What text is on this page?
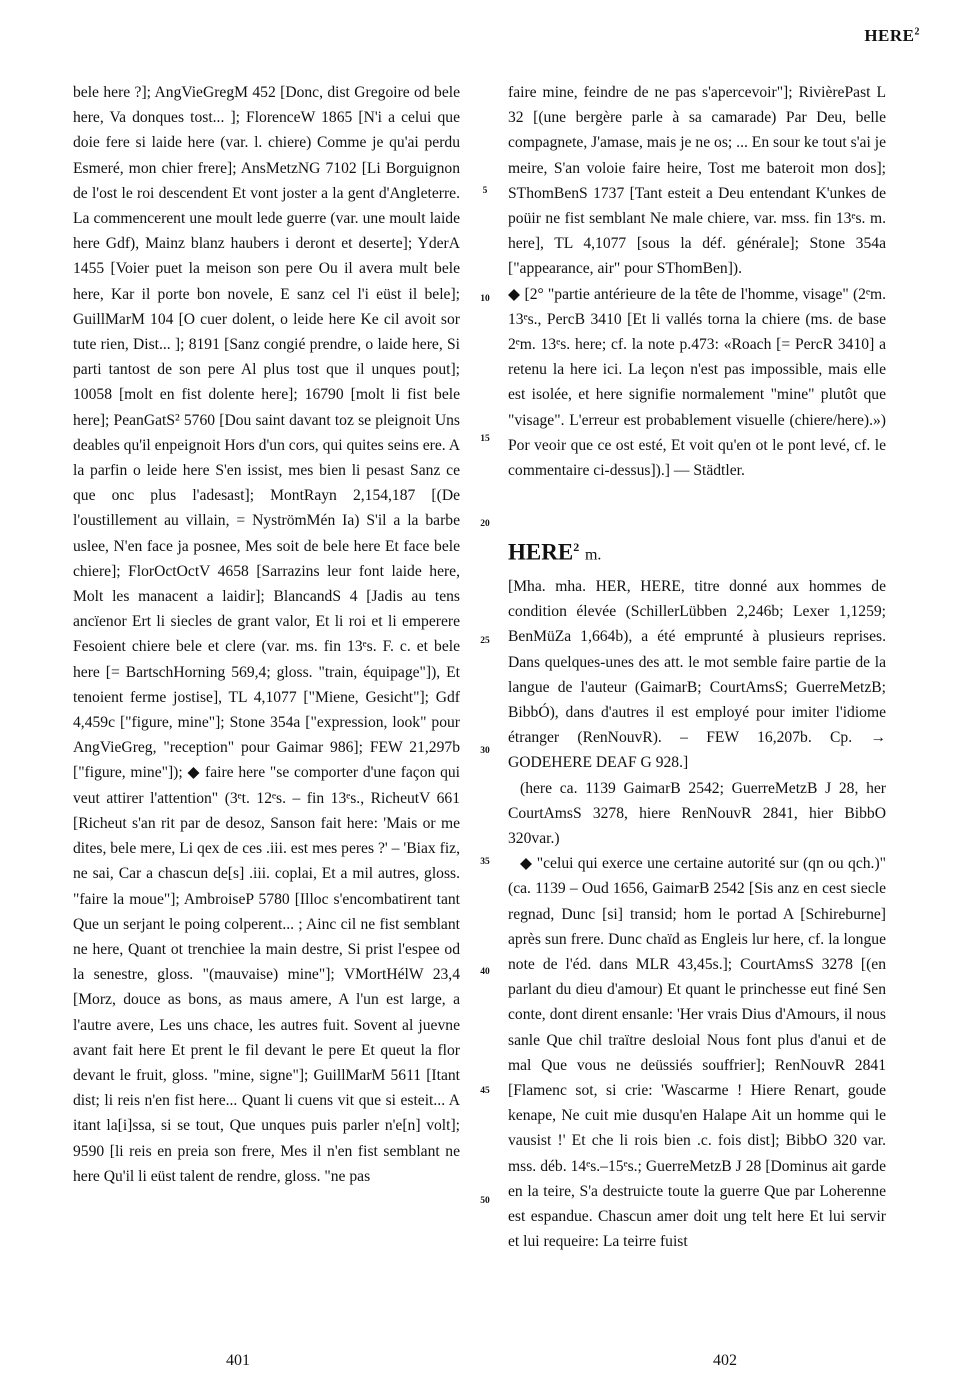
HERE$^2$

bele here ?]; AngVieGregM 452 [Donc, dist Gregoire od bele here, Va donques tost... ]; FlorenceW 1865 [N'i a celui que doie fere si laide here (var. l. chiere) Comme je qu'ai perdu Esmeré, mon chier frere]; AnsMetzNG 7102 [Li Borguignon de l'ost le roi descendent Et vont joster a la gent d'Angleterre. La commencerent une moult lede guerre (var. une moult laide here Gdf), Mainz blanz haubers i deront et deserte]; YderA 1455 [Voier puet la meison son pere Ou il avera mult bele here, Kar il porte bon novele, E sanz cel l'i eüst il bele]; GuillMarM 104 [O cuer dolent, o leide here Ke cil avoit sor tute rien, Dist... ]; 8191 [Sanz congié prendre, o laide here, Si parti tantost de son pere Al plus tost que il unques pout]; 10058 [molt en fist dolente here]; 16790 [molt li fist bele here]; PeanGatS² 5760 [Dou saint davant toz se pleignoit Uns deables qu'il enpeignoit Hors d'un cors, qui quites seins ere. A la parfin o leide here S'en issist, mes bien li pesast Sanz ce que onc plus l'adesast]; MontRayn 2,154,187 [(De l'oustillement au villain, = NyströmMén Ia) S'il a la barbe uslee, N'en face ja posnee, Mes soit de bele here Et face bele chiere]; FlorOctOctV 4658 [Sarrazins leur font laide here, Molt les manacent a laidir]; BlancandS 4 [Jadis au tens ancïenor Ert li siecles de grant valor, Et li roi et li emperere Fesoient chiere bele et clere (var. ms. fin 13ᵉs. F. c. et bele here [= BartschHorning 569,4; gloss. "train, équipage"]), Et tenoient ferme jostise], TL 4,1077 ["Miene, Gesicht"]; Gdf 4,459c ["figure, mine"]; Stone 354a ["expression, look" pour AngVieGreg, "reception" pour Gaimar 986]; FEW 21,297b ["figure, mine"]); ◆ faire here "se comporter d'une façon qui veut attirer l'attention" (3ᵉt. 12ᵉs. – fin 13ᵉs., RicheutV 661 [Richeut s'an rit par de desoz, Sanson fait here: 'Mais or me dites, bele mere, Li qex de ces .iii. est mes peres ?' – 'Biax fiz, ne sai, Car a chascun de[s] .iii. coplai, Et a mil autres, gloss. "faire la moue"]; AmbroiseP 5780 [Illoc s'encombatirent tant Que un serjant le poing colperent... ; Ainc cil ne fist semblant ne here, Quant ot trenchiee la main destre, Si prist l'espee od la senestre, gloss. "(mauvaise) mine"]; VMortHélW 23,4 [Morz, douce as bons, as maus amere, A l'un est large, a l'autre avere, Les uns chace, les autres fuit. Sovent al juevne avant fait here Et prent le fil devant le pere Et queut la flor devant le fruit, gloss. "mine, signe"]; GuillMarM 5611 [Itant dist; li reis n'en fist here... Quant li cuens vit que si esteit... A itant la[i]ssa, si se tout, Que unques puis parler n'e[n] volt]; 9590 [li reis en preia son frere, Mes il n'en fist semblant ne here Qu'il li eüst talent de rendre, gloss. "ne pas

5
10
15
20
25
30
35
40
45
50

faire mine, feindre de ne pas s'apercevoir"]; RivièrePast L 32 [(une bergère parle à sa camarade) Par Deu, belle compagnete, J'amase, mais je ne os; ... En sour ke tout s'ai je meire, S'an voloie faire heire, Tost me bateroit mon dos]; SThomBenS 1737 [Tant esteit a Deu entendant K'unkes de poüir ne fist semblant Ne male chiere, var. mss. fin 13ᵉs. m. here], TL 4,1077 [sous la déf. générale]; Stone 354a ["appearance, air" pour SThomBen]).

◆ [2° "partie antérieure de la tête de l'homme, visage" (2ᵉm. 13ᵉs., PercB 3410 [Et li vallés torna la chiere (ms. de base 2ᵉm. 13ᵉs. here; cf. la note p.473: «Roach [= PercR 3410] a retenu la here ici. La leçon n'est pas impossible, mais elle est isolée, et here signifie normalement "mine" plutôt que "visage". L'erreur est probablement visuelle (chiere/here).») Por veoir que ce ost esté, Et voit qu'en ot le pont levé, cf. le commentaire ci-dessus]).] — Städtler.

HERE$^2$ m.

[Mha. mha. HER, HERE, titre donné aux hommes de condition élevée (SchillerLübben 2,246b; Lexer 1,1259; BenMüZa 1,664b), a été emprunté à plusieurs reprises. Dans quelques-unes des att. le mot semble faire partie de la langue de l'auteur (GaimarB; CourtAmsS; GuerreMetzB; BibbÓ), dans d'autres il est employé pour imiter l'idiome étranger (RenNouvR). – FEW 16,207b. Cp. → GODEHERE DEAF G 928.]

(here ca. 1139 GaimarB 2542; GuerreMetzB J 28, her CourtAmsS 3278, hiere RenNouvR 2841, hier BibbO 320var.)

◆ "celui qui exerce une certaine autorité sur (qn ou qch.)" (ca. 1139 – Oud 1656, GaimarB 2542 [Sis anz en cest siecle regnad, Dunc [si] transid; hom le portad A [Schireburne] après sun frere. Dunc chaïd as Engleis lur here, cf. la longue note de l'éd. dans MLR 43,45s.]; CourtAmsS 3278 [(en parlant du dieu d'amour) Et quant le princhesse eut finé Sen conte, dont dirent ensanle: 'Her vrais Dius d'Amours, il nous sanle Que chil traïtre desloial Nous font plus d'anui et de mal Que vous ne deüssiés souffrier]; RenNouvR 2841 [Flamenc sot, si crie: 'Wascarme ! Hiere Renart, goude kenape, Ne cuit mie dusqu'en Halape Ait un homme qui le vausist !' Et che li rois bien .c. fois dist]; BibbO 320 var. mss. déb. 14ᵉs.–15ᵉs.; GuerreMetzB J 28 [Dominus ait garde en la teire, S'a destruicte toute la guerre Que par Loherenne est espandue. Chascun amer doit ung telt here Et lui servir et lui requeire: La teirre fuist

401	402
